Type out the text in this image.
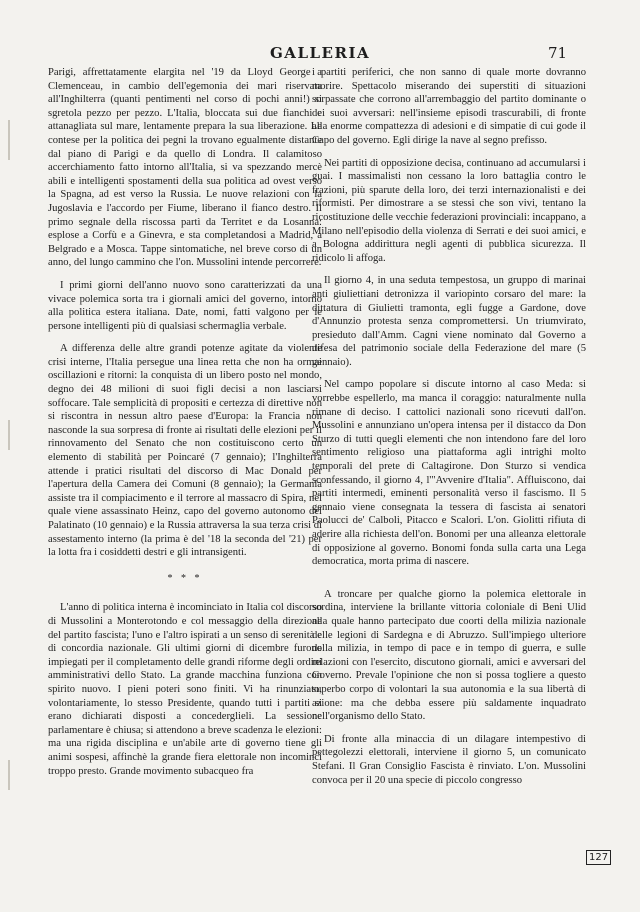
GALLERIA	71

Parigi, affrettatamente elargita nel '19 da Lloyd George a Clemenceau, in cambio dell'egemonia dei mari riservata all'Inghilterra (quanti pentimenti nel corso di pochi anni!) si sgretola pezzo per pezzo. L'Italia, bloccata sui due fianchi e attanagliata sul mare, lentamente prepara la sua liberazione. Le contese per la politica dei pegni la trovano egualmente distante dal piano di Parigi e da quello di Londra. Il calamitoso accerchiamento fatto intorno all'Italia, si va spezzando mercè abili e intelligenti spostamenti della sua politica ad ovest verso la Spagna, ad est verso la Russia. Le nuove relazioni con la Jugoslavia e l'accordo per Fiume, liberano il fianco destro. Il primo segnale della riscossa partì da Territet e da Losanna: esplose a Corfù e a Ginevra, e sta completandosi a Madrid, a Belgrado e a Mosca. Tappe sintomatiche, nel breve corso di un anno, del lungo cammino che l'on. Mussolini intende percorrere.

I primi giorni dell'anno nuovo sono caratterizzati da una vivace polemica sorta tra i giornali amici del governo, intorno alla politica estera italiana. Date, nomi, fatti valgono per le persone intelligenti più di qualsiasi schermaglia verbale.

A differenza delle altre grandi potenze agitate da violente crisi interne, l'Italia persegue una linea retta che non ha ormai oscillazioni e ritorni: la conquista di un libero posto nel mondo, degno dei 48 milioni di suoi figli decisi a non lasciarsi soffocare. Tale semplicità di propositi e certezza di direttive non si riscontra in nessun altro paese d'Europa: la Francia non nasconde la sua sorpresa di fronte ai risultati delle elezioni per il rinnovamento del Senato che non costituiscono certo un elemento di stabilità per Poincaré (7 gennaio); l'Inghilterra attende i pratici risultati del discorso di Mac Donald per l'apertura della Camera dei Comuni (8 gennaio); la Germania assiste tra il compiacimento e il terrore al massacro di Spira, nel quale viene assassinato Heinz, capo del governo autonomo del Palatinato (10 gennaio) e la Russia attraversa la sua terza crisi di assestamento interno (la prima è del '18 la seconda del '21) per la lotta fra i cosiddetti destri e gli intransigenti.

* * *

L'anno di politica interna è incominciato in Italia col discorso di Mussolini a Monterotondo e col messaggio della direzione del partito fascista; l'uno e l'altro ispirati a un senso di serenità e di concordia nazionale. Gli ultimi giorni di dicembre furono impiegati per il completamento delle grandi riforme degli ordini amministrativi dello Stato. La grande macchina funziona con spirito nuovo. I pieni poteri sono finiti. Vi ha rinunziato, volontariamente, lo stesso Presidente, quando tutti i partiti si erano dichiarati disposti a concederglieli. La sessione parlamentare è chiusa; si attendono a breve scadenza le elezioni: ma una rigida disciplina e un'abile arte di governo tiene gli animi sospesi, affinchè la grande fiera elettorale non incominci troppo presto. Grande movimento subacqueo fra

i partiti periferici, che non sanno di quale morte dovranno morire. Spettacolo miserando dei superstiti di situazioni sorpassate che corrono all'arrembaggio del partito dominante o dei suoi avversari: nell'insieme episodi trascurabili, di fronte alla enorme compattezza di adesioni e di simpatie di cui gode il Capo del governo. Egli dirige la nave al segno prefisso.

Nei partiti di opposizione decisa, continuano ad accumularsi i guai. I massimalisti non cessano la loro battaglia contro le frazioni, più sparute della loro, dei terzi internazionalisti e dei riformisti. Per dimostrare a se stessi che son vivi, tentano la ricostituzione delle vecchie federazioni provinciali: incappano, a Milano nell'episodio della violenza di Serrati e dei suoi amici, e a Bologna addirittura negli agenti di pubblica sicurezza. Il ridicolo li affoga.

Il giorno 4, in una seduta tempestosa, un gruppo di marinai anti giuliettiani detronizza il variopinto corsaro del mare: la dittatura di Giulietti tramonta, egli fugge a Gardone, dove d'Annunzio protesta senza compromettersi. Un triumvirato, presieduto dall'Amm. Cagni viene nominato dal Governo a difesa del patrimonio sociale della Federazione del mare (5 gennaio).

Nel campo popolare si discute intorno al caso Meda: si vorrebbe espellerlo, ma manca il coraggio: naturalmente nulla rimane di deciso. I cattolici nazionali sono ricevuti dall'on. Mussolini e annunziano un'opera intensa per il distacco da Don Sturzo di tutti quegli elementi che non intendono fare del loro sentimento religioso una piattaforma agli intrighi molto temporali del prete di Caltagirone. Don Sturzo si vendica sconfessando, il giorno 4, l'"Avvenire d'Italia". Affluiscono, dai partiti intermedi, eminenti personalità verso il fascismo. Il 5 gennaio viene consegnata la tessera di fascista ai senatori Paolucci de' Calboli, Pitacco e Scalori. L'on. Giolitti rifiuta di aderire alla richiesta dell'on. Bonomi per una alleanza elettorale di opposizione al governo. Bonomi fonda sulla carta una Lega democratica, morta prima di nascere.

A troncare per qualche giorno la polemica elettorale in sordina, interviene la brillante vittoria coloniale di Beni Ulid alla quale hanno partecipato due coorti della milizia nazionale delle legioni di Sardegna e di Abruzzo. Sull'impiego ulteriore della milizia, in tempo di pace e in tempo di guerra, e sulle relazioni con l'esercito, discutono giornali, amici e avversari del Governo. Prevale l'opinione che non si possa togliere a questo superbo corpo di volontari la sua autonomia e la sua libertà di azione: ma che debba essere più saldamente inquadrato nell'organismo dello Stato.

Di fronte alla minaccia di un dilagare intempestivo di pettegolezzi elettorali, interviene il giorno 5, un comunicato Stefani. Il Gran Consiglio Fascista è rinviato. L'on. Mussolini convoca per il 20 una specie di piccolo congresso

127
